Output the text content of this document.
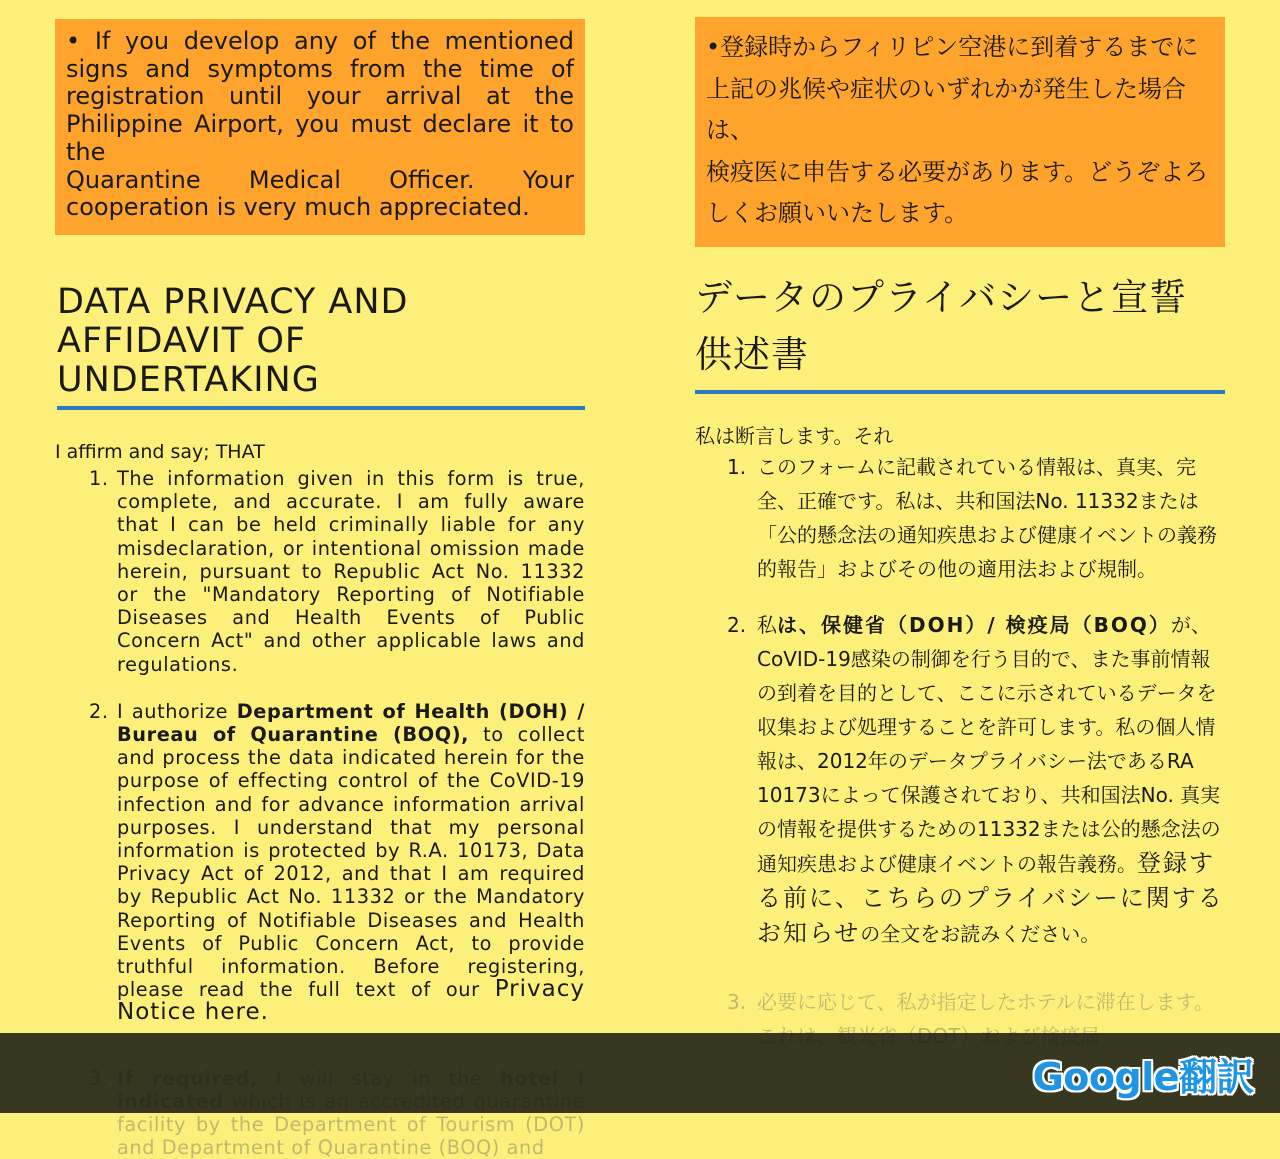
• If you develop any of the mentioned signs and symptoms from the time of registration until your arrival at the Philippine Airport, you must declare it to the
Quarantine Medical Officer. Your cooperation is very much appreciated.
DATA PRIVACY AND
AFFIDAVIT OF
UNDERTAKING
I affirm and say; THAT
1. The information given in this form is true, complete, and accurate. I am fully aware that I can be held criminally liable for any misdeclaration, or intentional omission made herein, pursuant to Republic Act No. 11332 or the "Mandatory Reporting of Notifiable Diseases and Health Events of Public Concern Act" and other applicable laws and regulations.
2. I authorize Department of Health (DOH) / Bureau of Quarantine (BOQ), to collect and process the data indicated herein for the purpose of effecting control of the CoVID-19 infection and for advance information arrival purposes. I understand that my personal information is protected by R.A. 10173, Data Privacy Act of 2012, and that I am required by Republic Act No. 11332 or the Mandatory Reporting of Notifiable Diseases and Health Events of Public Concern Act, to provide truthful information. Before registering, please read the full text of our Privacy Notice here.
facility by the Department of Tourism (DOT) and Department of Quarantine (BOQ) and
•登録時からフィリピン空港に到着するまでに上記の兆候や症状のいずれかが発生した場合は、
検疫医に申告する必要があります。どうぞよろしくお願いいたします。
データのプライバシーと宣誓
供述書
私は断言します。それ
1. このフォームに記載されている情報は、真実、完全、正確です。私は、共和国法No. 11332または「公的懸念法の通知疾患および健康イベントの義務的報告」およびその他の適用法および規制。
2. 私は、保健省（DOH）/ 検疫局（BOQ）が、CoVID-19感染の制御を行う目的で、また事前情報の到着を目的として、ここに示されているデータを収集および処理することを許可します。私の個人情報は、2012年のデータプライバシー法であるRA 10173によって保護されており、共和国法No. 真実の情報を提供するための11332または公的懸念法の通知疾患および健康イベントの報告義務。登録する前に、こちらのプライバシーに関するお知らせの全文をお読みください。
3. 必要に応じて、私が指定したホテルに滞在します。
Google翻訳
